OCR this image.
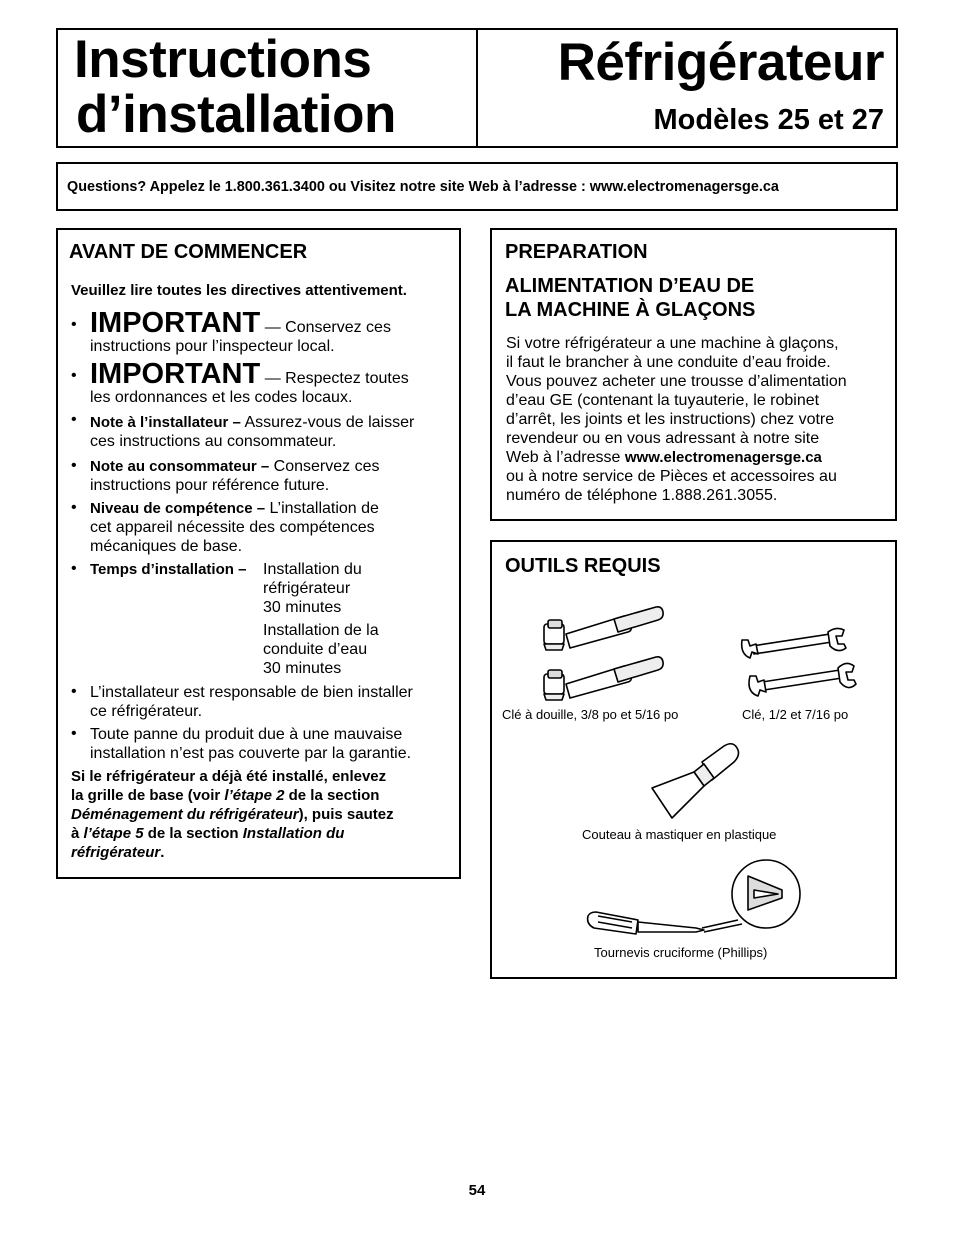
Instructions
d’installation
Réfrigérateur
Modèles 25 et 27
Questions? Appelez le 1.800.361.3400 ou Visitez notre site Web à l’adresse : www.electromenagersge.ca
AVANT DE COMMENCER
Veuillez lire toutes les directives attentivement.
• IMPORTANT — Conservez ces
instructions pour l’inspecteur local.
• IMPORTANT — Respectez toutes
les ordonnances et les codes locaux.
• Note à l’installateur – Assurez-vous de laisser
ces instructions au consommateur.
• Note au consommateur – Conservez ces
instructions pour référence future.
• Niveau de compétence – L’installation de
cet appareil nécessite des compétences
mécaniques de base.
• Temps d’installation – Installation du
réfrigérateur
30 minutes
Installation de la
conduite d’eau
30 minutes
• L’installateur est responsable de bien installer
ce réfrigérateur.
• Toute panne du produit due à une mauvaise
installation n’est pas couverte par la garantie.
Si le réfrigérateur a déjà été installé, enlevez
la grille de base (voir l’étape 2 de la section
Déménagement du réfrigérateur), puis sautez
à l’étape 5 de la section Installation du
réfrigérateur.
PREPARATION
ALIMENTATION D’EAU DE
LA MACHINE À GLAÇONS
Si votre réfrigérateur a une machine à glaçons,
il faut le brancher à une conduite d’eau froide.
Vous pouvez acheter une trousse d’alimentation
d’eau GE (contenant la tuyauterie, le robinet
d’arrêt, les joints et les instructions) chez votre
revendeur ou en vous adressant à notre site
Web à l’adresse www.electromenagersge.ca
ou à notre service de Pièces et accessoires au
numéro de téléphone 1.888.261.3055.
OUTILS REQUIS
Clé à douille, 3/8 po et 5/16 po	Clé, 1/2 et 7/16 po
Couteau à mastiquer en plastique
Tournevis cruciforme (Phillips)
54
